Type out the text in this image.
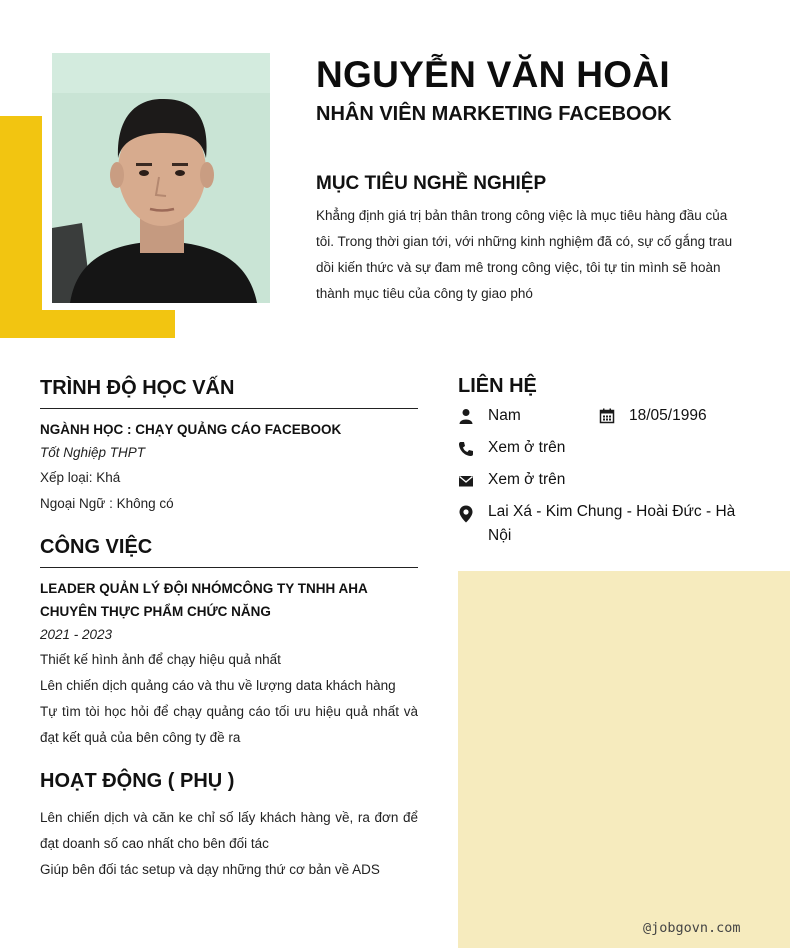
NGUYỄN VĂN HOÀI
NHÂN VIÊN MARKETING FACEBOOK
MỤC TIÊU NGHỀ NGHIỆP
Khẳng định giá trị bản thân trong công việc là mục tiêu hàng đầu của tôi. Trong thời gian tới, với những kinh nghiệm đã có, sự cố gắng trau dồi kiến thức và sự đam mê trong công việc, tôi tự tin mình sẽ hoàn thành mục tiêu của công ty giao phó
TRÌNH ĐỘ HỌC VẤN
NGÀNH HỌC : CHẠY QUẢNG CÁO FACEBOOK
Tốt Nghiệp THPT
Xếp loại: Khá
Ngoại Ngữ : Không có
CÔNG VIỆC
LEADER QUẢN LÝ ĐỘI NHÓMCÔNG TY TNHH AHA CHUYÊN THỰC PHẨM CHỨC NĂNG
2021 - 2023
Thiết kế hình ảnh để chạy hiệu quả nhất
Lên chiến dịch quảng cáo và thu về lượng data khách hàng
Tự tìm tòi học hỏi để chạy quảng cáo tối ưu hiệu quả nhất và đạt kết quả của bên công ty đề ra
HOẠT ĐỘNG ( PHỤ )
Lên chiến dịch và căn ke chỉ số lấy khách hàng về, ra đơn để đạt doanh số cao nhất cho bên đối tác
Giúp bên đối tác setup và dạy những thứ cơ bản về ADS
LIÊN HỆ
Nam	18/05/1996
Xem ở trên
Xem ở trên
Lai Xá - Kim Chung - Hoài Đức - Hà Nội
@jobgovn.com
